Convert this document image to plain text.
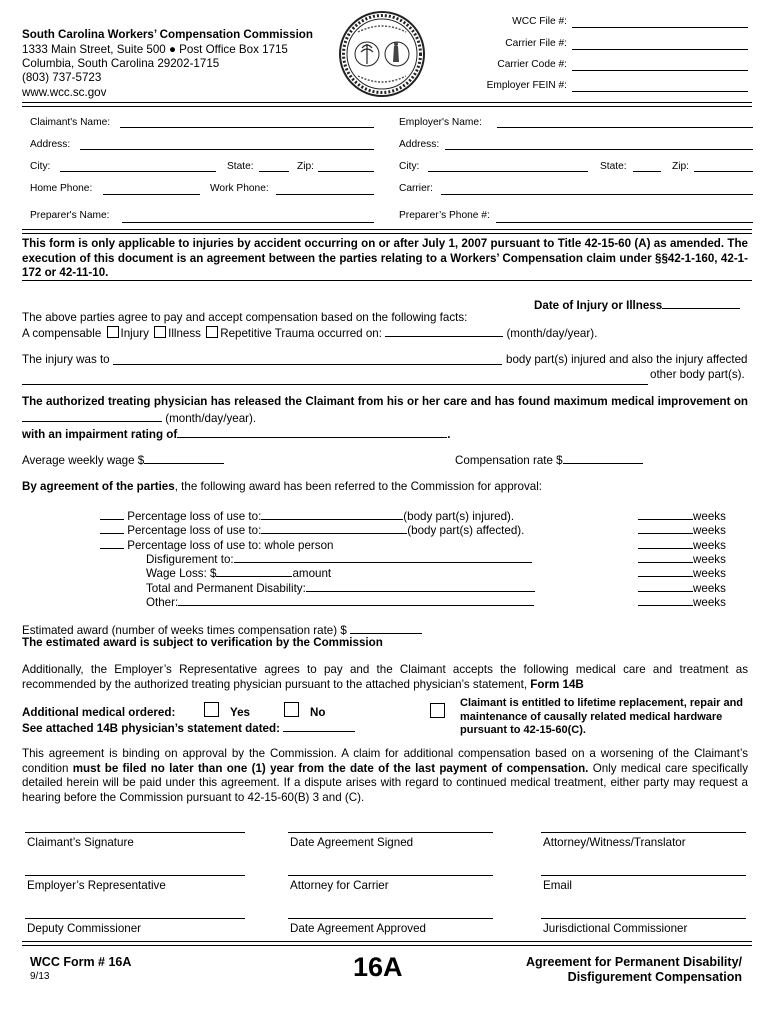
South Carolina Workers’ Compensation Commission
1333 Main Street, Suite 500 ● Post Office Box 1715
Columbia, South Carolina 29202-1715
(803) 737-5723
www.wcc.sc.gov
WCC File #:
Carrier File #:
Carrier Code #:
Employer FEIN #:
Claimant's Name:	Employer's Name:
Address:	Address:
City:	State:	Zip:	City:	State:	Zip:
Home Phone:	Work Phone:	Carrier:
Preparer's Name:	Preparer’s Phone #:
This form is only applicable to injuries by accident occurring on or after July 1, 2007 pursuant to Title 42-15-60 (A) as amended. The execution of this document is an agreement between the parties relating to a Workers’ Compensation claim under §§42-1-160, 42-1-172 or 42-11-10.
Date of Injury or Illness
The above parties agree to pay and accept compensation based on the following facts:
A compensable Injury Illness Repetitive Trauma occurred on:	(month/day/year).
The injury was to	body part(s) injured and also the injury affected
other body part(s).
The authorized treating physician has released the Claimant from his or her care and has found maximum medical improvement on  (month/day/year).
with an impairment rating of	.
Average weekly wage $	Compensation rate $
By agreement of the parties, the following award has been referred to the Commission for approval:
Percentage loss of use to:	(body part(s) injured).	weeks
Percentage loss of use to:	(body part(s) affected).	weeks
Percentage loss of use to: whole person	weeks
Disfigurement to:	weeks
Wage Loss: $	amount	weeks
Total and Permanent Disability:	weeks
Other:	weeks
Estimated award (number of weeks times compensation rate) $
The estimated award is subject to verification by the Commission
Additionally, the Employer’s Representative agrees to pay and the Claimant accepts the following medical care and treatment as recommended by the authorized treating physician pursuant to the attached physician’s statement, Form 14B
Additional medical ordered:	Yes	No
See attached 14B physician’s statement dated:
Claimant is entitled to lifetime replacement, repair and maintenance of causally related medical hardware pursuant to 42-15-60(C).
This agreement is binding on approval by the Commission. A claim for additional compensation based on a worsening of the Claimant’s condition must be filed no later than one (1) year from the date of the last payment of compensation. Only medical care specifically detailed herein will be paid under this agreement. If a dispute arises with regard to continued medical treatment, either party may request a hearing before the Commission pursuant to 42-15-60(B) 3 and (C).
Claimant’s Signature	Date Agreement Signed	Attorney/Witness/Translator
Employer’s Representative	Attorney for Carrier	Email
Deputy Commissioner	Date Agreement Approved	Jurisdictional Commissioner
WCC Form # 16A
9/13	16A	Agreement for Permanent Disability/
Disfigurement Compensation
